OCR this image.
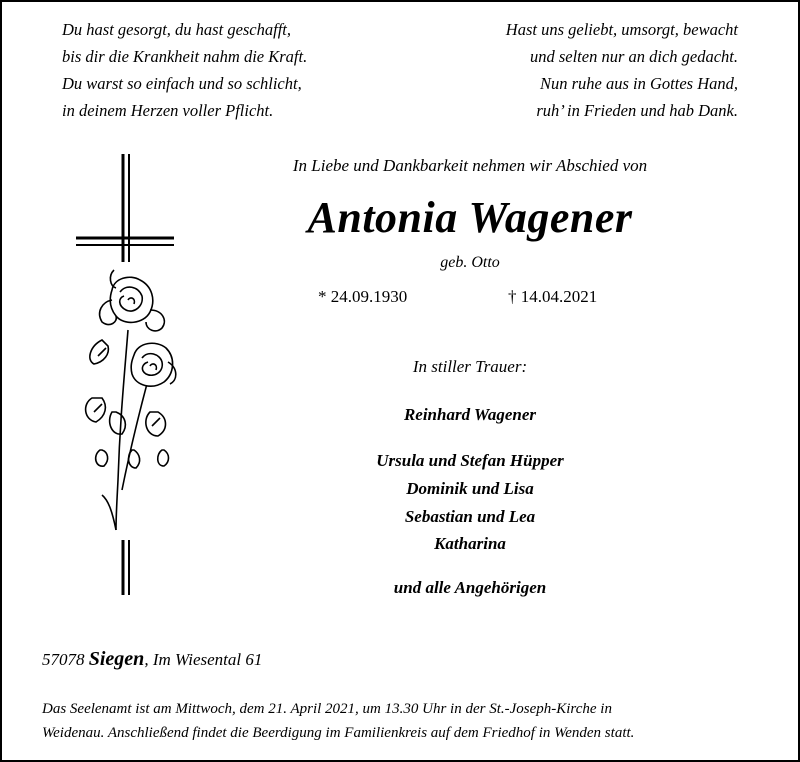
Du hast gesorgt, du hast geschafft,
bis dir die Krankheit nahm die Kraft.
Du warst so einfach und so schlicht,
in deinem Herzen voller Pflicht.
Hast uns geliebt, umsorgt, bewacht
und selten nur an dich gedacht.
Nun ruhe aus in Gottes Hand,
ruh’ in Frieden und hab Dank.
In Liebe und Dankbarkeit nehmen wir Abschied von
Antonia Wagener
geb. Otto
* 24.09.1930	† 14.04.2021
In stiller Trauer:
Reinhard Wagener
Ursula und Stefan Hüpper
Dominik und Lisa
Sebastian und Lea
Katharina
und alle Angehörigen
57078 Siegen, Im Wiesental 61
Das Seelenamt ist am Mittwoch, dem 21. April 2021, um 13.30 Uhr in der St.-Joseph-Kirche in
Weidenau. Anschließend findet die Beerdigung im Familienkreis auf dem Friedhof in Wenden statt.
